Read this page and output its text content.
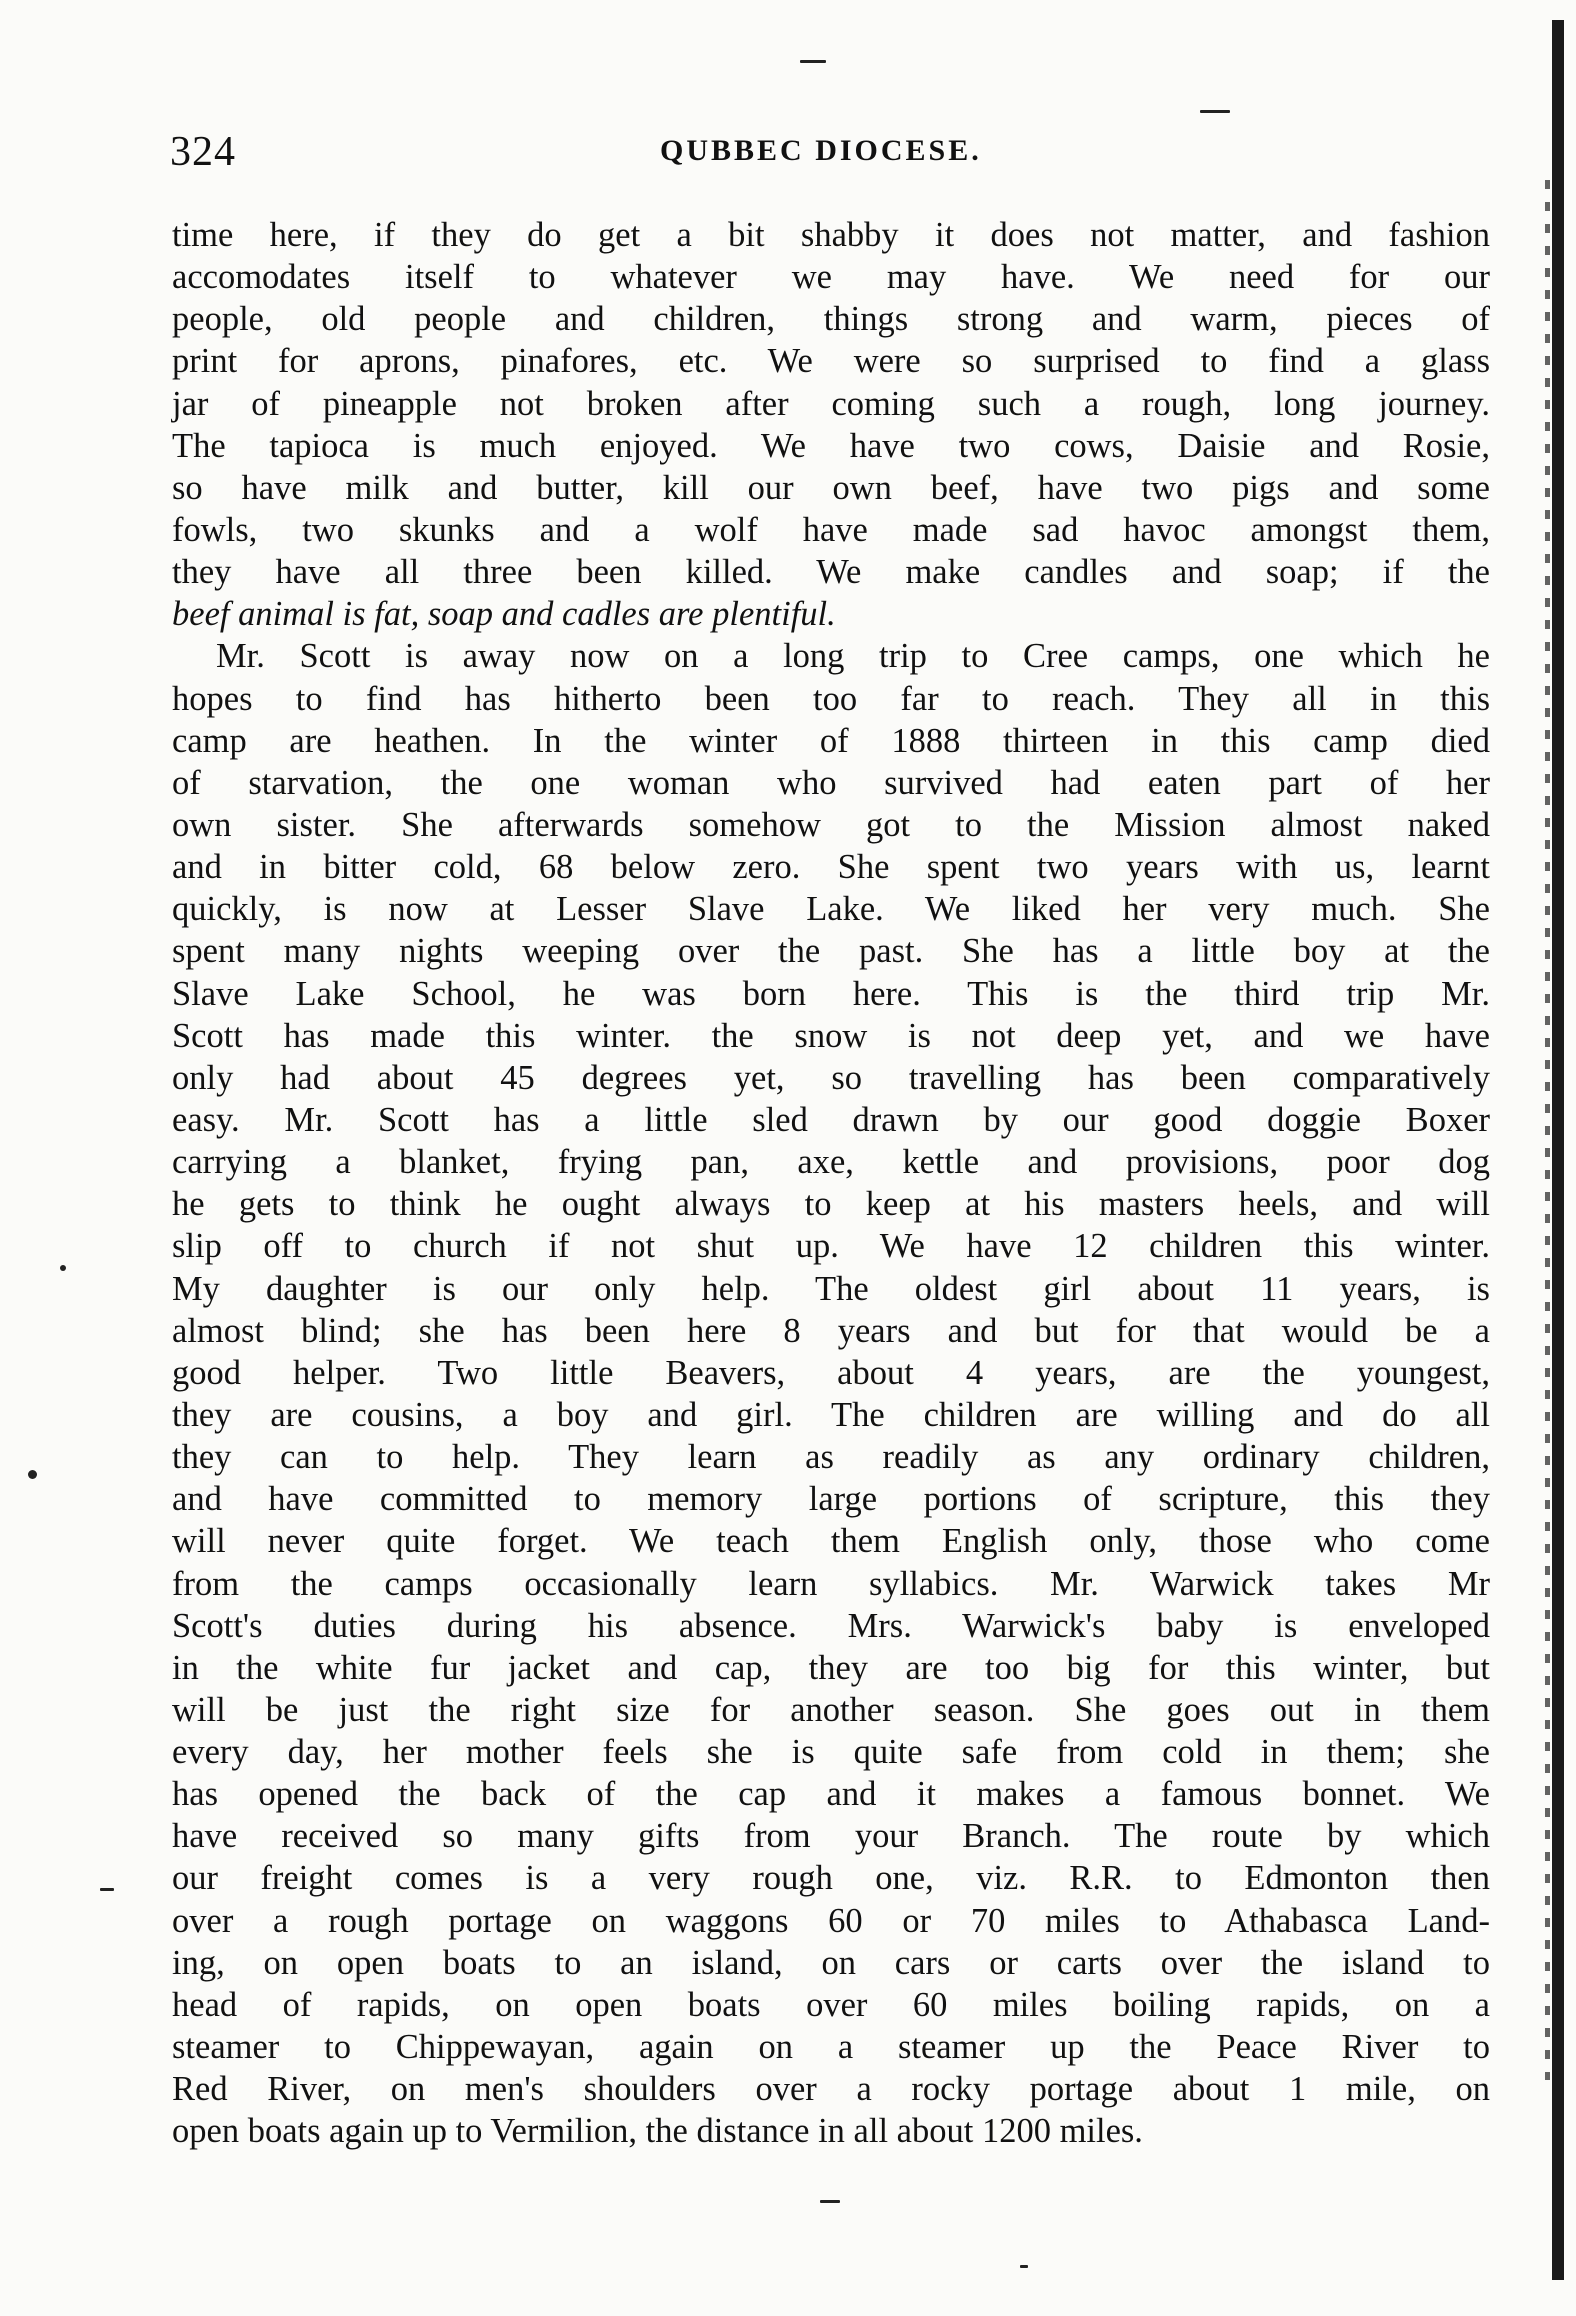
324	QUBBEC DIOCESE.
time here, if they do get a bit shabby it does not matter, and fashion
accomodates itself to whatever we may have. We need for our
people, old people and children, things strong and warm, pieces of
print for aprons, pinafores, etc. We were so surprised to find a glass
jar of pineapple not broken after coming such a rough, long journey.
The tapioca is much enjoyed. We have two cows, Daisie and Rosie,
so have milk and butter, kill our own beef, have two pigs and some
fowls, two skunks and a wolf have made sad havoc amongst them,
they have all three been killed. We make candles and soap; if the
beef animal is fat, soap and cadles are plentiful.
Mr. Scott is away now on a long trip to Cree camps, one which he
hopes to find has hitherto been too far to reach. They all in this
camp are heathen. In the winter of 1888 thirteen in this camp died
of starvation, the one woman who survived had eaten part of her
own sister. She afterwards somehow got to the Mission almost naked
and in bitter cold, 68 below zero. She spent two years with us, learnt
quickly, is now at Lesser Slave Lake. We liked her very much. She
spent many nights weeping over the past. She has a little boy at the
Slave Lake School, he was born here. This is the third trip Mr.
Scott has made this winter. the snow is not deep yet, and we have
only had about 45 degrees yet, so travelling has been comparatively
easy. Mr. Scott has a little sled drawn by our good doggie Boxer
carrying a blanket, frying pan, axe, kettle and provisions, poor dog
he gets to think he ought always to keep at his masters heels, and will
slip off to church if not shut up. We have 12 children this winter.
My daughter is our only help. The oldest girl about 11 years, is
almost blind; she has been here 8 years and but for that would be a
good helper. Two little Beavers, about 4 years, are the youngest,
they are cousins, a boy and girl. The children are willing and do all
they can to help. They learn as readily as any ordinary children,
and have committed to memory large portions of scripture, this they
will never quite forget. We teach them English only, those who come
from the camps occasionally learn syllabics. Mr. Warwick takes Mr
Scott's duties during his absence. Mrs. Warwick's baby is enveloped
in the white fur jacket and cap, they are too big for this winter, but
will be just the right size for another season. She goes out in them
every day, her mother feels she is quite safe from cold in them; she
has opened the back of the cap and it makes a famous bonnet. We
have received so many gifts from your Branch. The route by which
our freight comes is a very rough one, viz. R.R. to Edmonton then
over a rough portage on waggons 60 or 70 miles to Athabasca Land-
ing, on open boats to an island, on cars or carts over the island to
head of rapids, on open boats over 60 miles boiling rapids, on a
steamer to Chippewayan, again on a steamer up the Peace River to
Red River, on men's shoulders over a rocky portage about 1 mile, on
open boats again up to Vermilion, the distance in all about 1200 miles.
